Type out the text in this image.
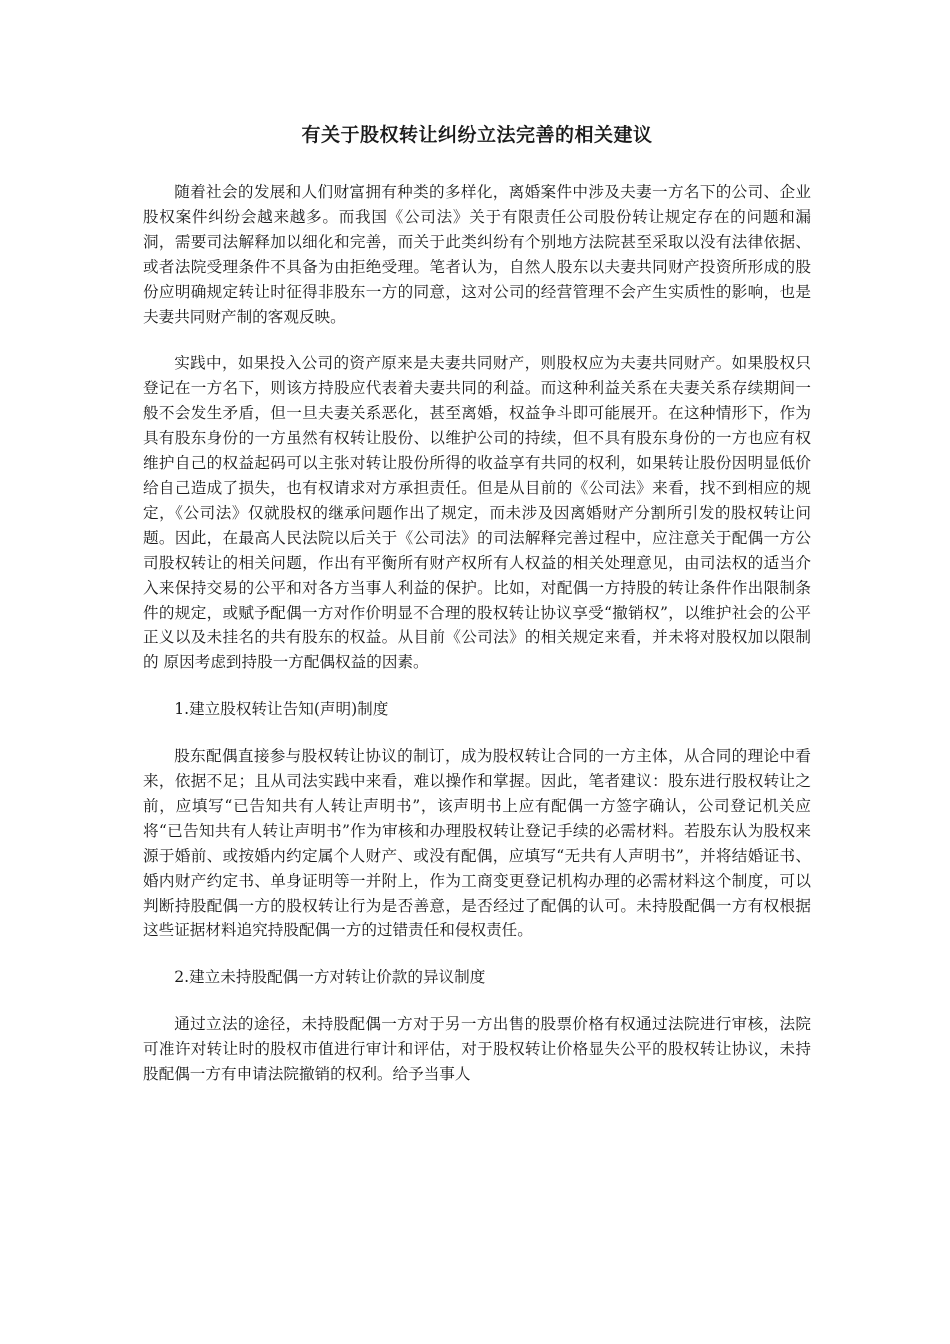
有关于股权转让纠纷立法完善的相关建议

随着社会的发展和人们财富拥有种类的多样化，离婚案件中涉及夫妻一方名下的公司、企业股权案件纠纷会越来越多。而我国《公司法》关于有限责任公司股份转让规定存在的问题和漏洞，需要司法解释加以细化和完善，而关于此类纠纷有个别地方法院甚至采取以没有法律依据、或者法院受理条件不具备为由拒绝受理。笔者认为，自然人股东以夫妻共同财产投资所形成的股份应明确规定转让时征得非股东一方的同意，这对公司的经营管理不会产生实质性的影响，也是夫妻共同财产制的客观反映。

实践中，如果投入公司的资产原来是夫妻共同财产，则股权应为夫妻共同财产。如果股权只登记在一方名下，则该方持股应代表着夫妻共同的利益。而这种利益关系在夫妻关系存续期间一般不会发生矛盾，但一旦夫妻关系恶化，甚至离婚，权益争斗即可能展开。在这种情形下，作为具有股东身份的一方虽然有权转让股份、以维护公司的持续，但不具有股东身份的一方也应有权维护自己的权益起码可以主张对转让股份所得的收益享有共同的权利，如果转让股份因明显低价给自己造成了损失，也有权请求对方承担责任。但是从目前的《公司法》来看，找不到相应的规定，《公司法》仅就股权的继承问题作出了规定，而未涉及因离婚财产分割所引发的股权转让问题。因此，在最高人民法院以后关于《公司法》的司法解释完善过程中，应注意关于配偶一方公司股权转让的相关问题，作出有平衡所有财产权所有人权益的相关处理意见，由司法权的适当介入来保持交易的公平和对各方当事人利益的保护。比如，对配偶一方持股的转让条件作出限制条件的规定，或赋予配偶一方对作价明显不合理的股权转让协议享受“撤销权”，以维护社会的公平正义以及未挂名的共有股东的权益。从目前《公司法》的相关规定来看，并未将对股权加以限制的 原因考虑到持股一方配偶权益的因素。

1.建立股权转让告知(声明)制度

股东配偶直接参与股权转让协议的制订，成为股权转让合同的一方主体，从合同的理论中看来，依据不足；且从司法实践中来看，难以操作和掌握。因此，笔者建议：股东进行股权转让之前，应填写“已告知共有人转让声明书”，该声明书上应有配偶一方签字确认，公司登记机关应将“已告知共有人转让声明书”作为审核和办理股权转让登记手续的必需材料。若股东认为股权来源于婚前、或按婚内约定属个人财产、或没有配偶，应填写“无共有人声明书”，并将结婚证书、婚内财产约定书、单身证明等一并附上，作为工商变更登记机构办理的必需材料这个制度，可以判断持股配偶一方的股权转让行为是否善意，是否经过了配偶的认可。未持股配偶一方有权根据这些证据材料追究持股配偶一方的过错责任和侵权责任。

2.建立未持股配偶一方对转让价款的异议制度

通过立法的途径，未持股配偶一方对于另一方出售的股票价格有权通过法院进行审核，法院可准许对转让时的股权市值进行审计和评估，对于股权转让价格显失公平的股权转让协议，未持股配偶一方有申请法院撤销的权利。给予当事人
